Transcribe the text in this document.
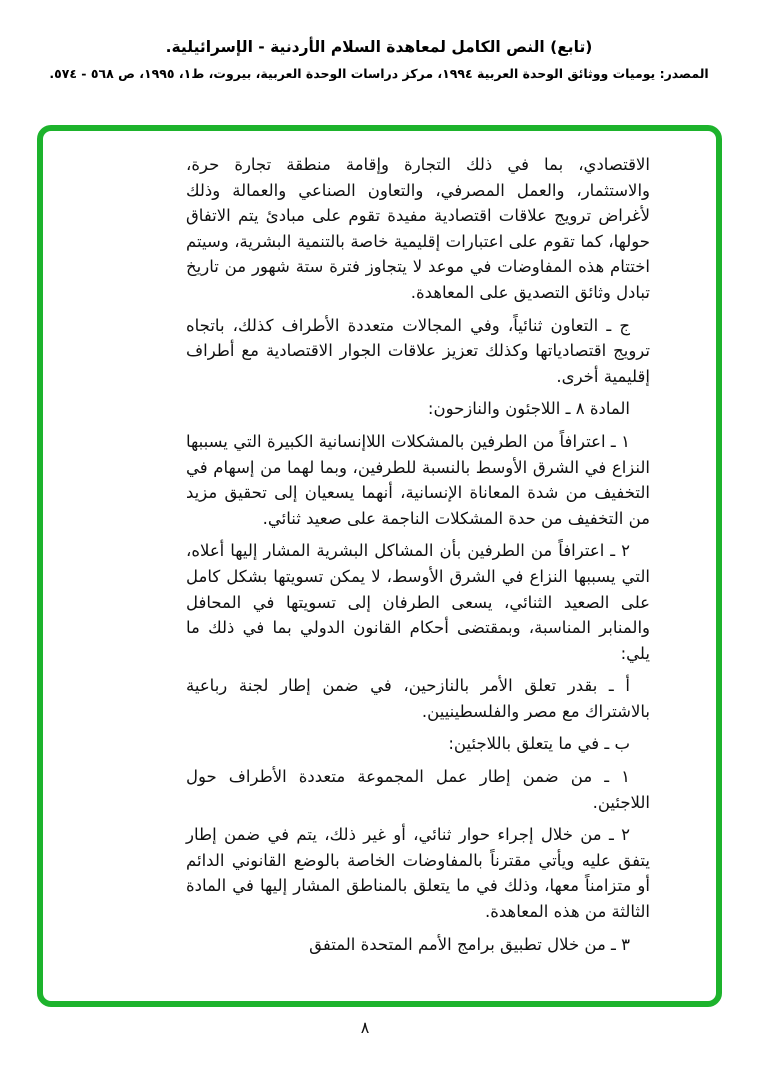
(تابع) النص الكامل لمعاهدة السلام الأردنية - الإسرائيلية.

المصدر: يوميات ووثائق الوحدة العربية ١٩٩٤، مركز دراسات الوحدة العربية، بيروت، ط١، ١٩٩٥، ص ٥٦٨ - ٥٧٤.

الاقتصادي، بما في ذلك التجارة وإقامة منطقة تجارة حرة، والاستثمار، والعمل المصرفي، والتعاون الصناعي والعمالة وذلك لأغراض ترويج علاقات اقتصادية مفيدة تقوم على مبادئ يتم الاتفاق حولها، كما تقوم على اعتبارات إقليمية خاصة بالتنمية البشرية، وسيتم اختتام هذه المفاوضات في موعد لا يتجاوز فترة ستة شهور من تاريخ تبادل وثائق التصديق على المعاهدة.

ج ـ التعاون ثنائياً، وفي المجالات متعددة الأطراف كذلك، باتجاه ترويج اقتصادياتها وكذلك تعزيز علاقات الجوار الاقتصادية مع أطراف إقليمية أخرى.

المادة ٨ ـ اللاجئون والنازحون:

١ ـ اعترافاً من الطرفين بالمشكلات اللاإنسانية الكبيرة التي يسببها النزاع في الشرق الأوسط بالنسبة للطرفين، وبما لهما من إسهام في التخفيف من شدة المعاناة الإنسانية، أنهما يسعيان إلى تحقيق مزيد من التخفيف من حدة المشكلات الناجمة على صعيد ثنائي.

٢ ـ اعترافاً من الطرفين بأن المشاكل البشرية المشار إليها أعلاه، التي يسببها النزاع في الشرق الأوسط، لا يمكن تسويتها بشكل كامل على الصعيد الثنائي، يسعى الطرفان إلى تسويتها في المحافل والمنابر المناسبة، وبمقتضى أحكام القانون الدولي بما في ذلك ما يلي:

أ ـ بقدر تعلق الأمر بالنازحين، في ضمن إطار لجنة رباعية بالاشتراك مع مصر والفلسطينيين.

ب ـ في ما يتعلق باللاجئين:

١ ـ من ضمن إطار عمل المجموعة متعددة الأطراف حول اللاجئين.

٢ ـ من خلال إجراء حوار ثنائي، أو غير ذلك، يتم في ضمن إطار يتفق عليه ويأتي مقترناً بالمفاوضات الخاصة بالوضع القانوني الدائم أو متزامناً معها، وذلك في ما يتعلق بالمناطق المشار إليها في المادة الثالثة من هذه المعاهدة.

٣ ـ من خلال تطبيق برامج الأمم المتحدة المتفق

٨
